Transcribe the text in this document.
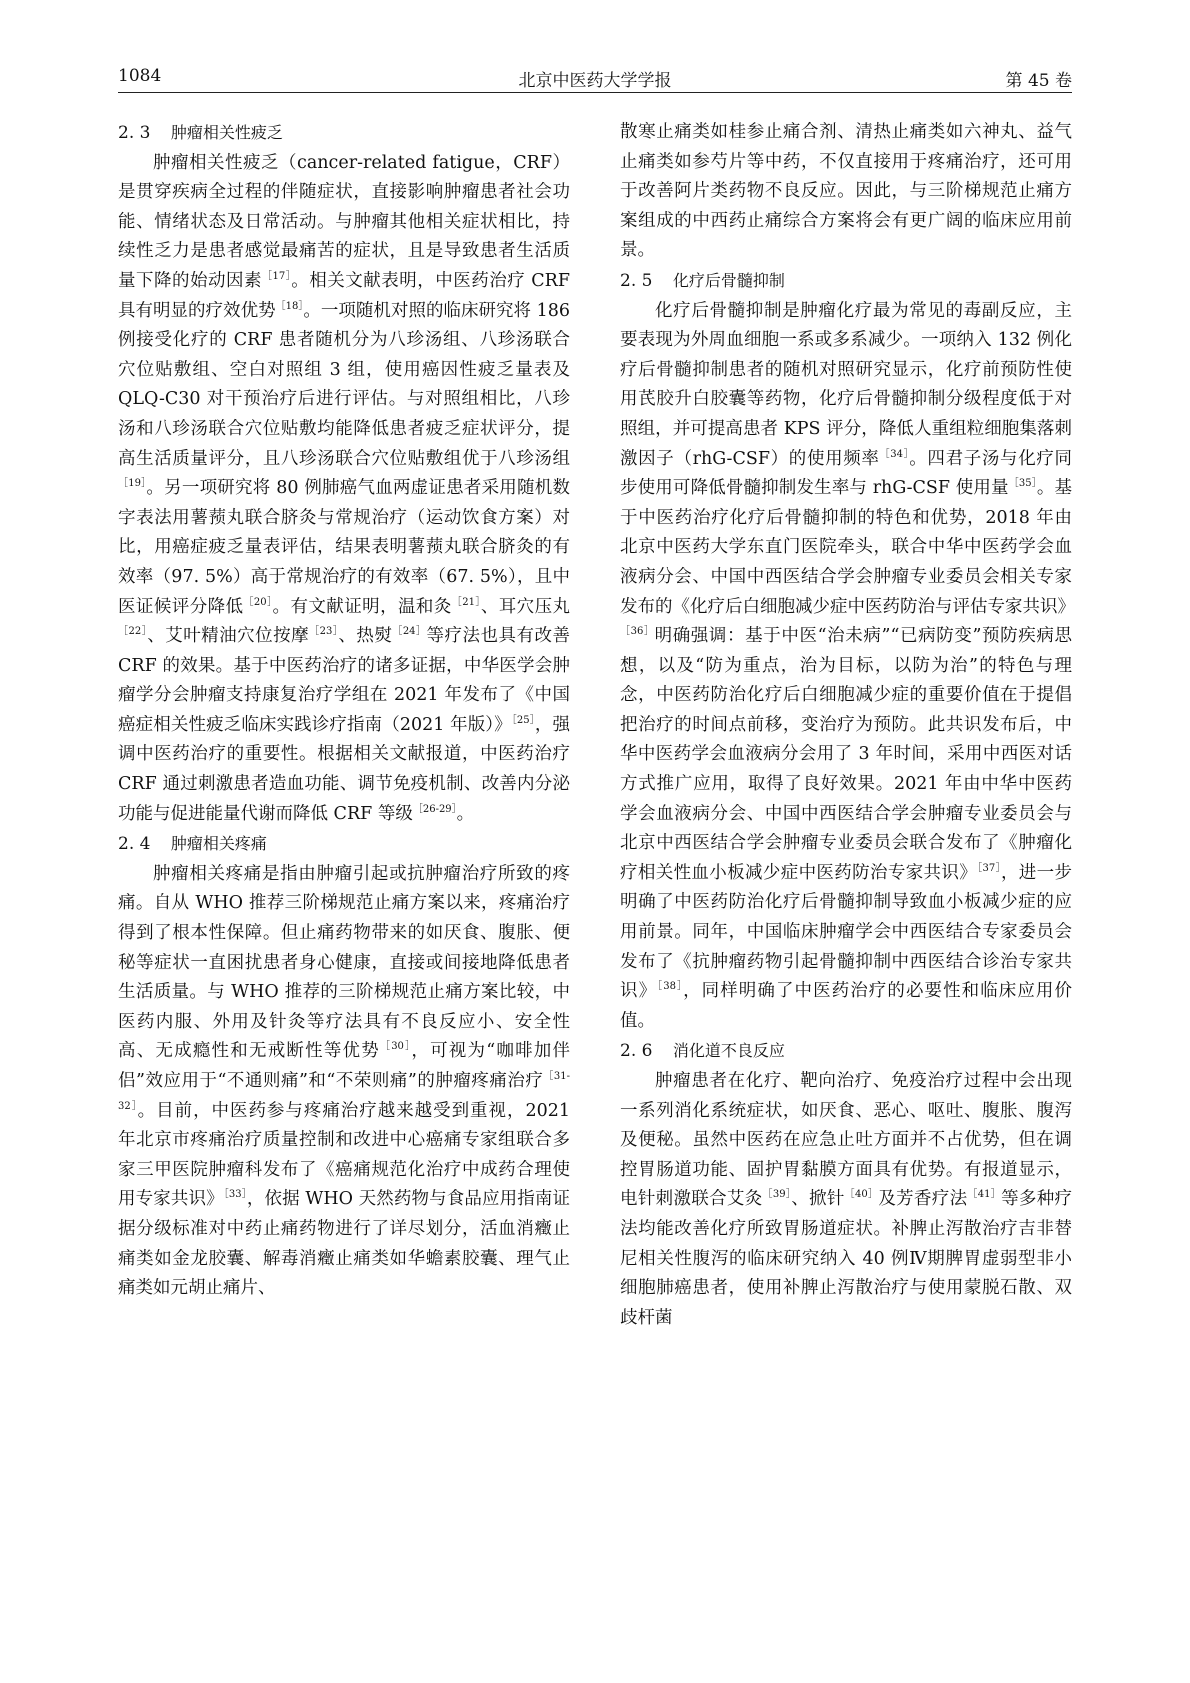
1084	北京中医药大学学报	第 45 卷
2. 3 肿瘤相关性疲乏

肿瘤相关性疲乏（cancer-related fatigue，CRF）是贯穿疾病全过程的伴随症状，直接影响肿瘤患者社会功能、情绪状态及日常活动。与肿瘤其他相关症状相比，持续性乏力是患者感觉最痛苦的症状，且是导致患者生活质量下降的始动因素$^{[17]}$。相关文献表明，中医药治疗 CRF 具有明显的疗效优势$^{[18]}$。一项随机对照的临床研究将 186 例接受化疗的 CRF 患者随机分为八珍汤组、八珍汤联合穴位贴敷组、空白对照组 3 组，使用癌因性疲乏量表及 QLQ-C30 对干预治疗后进行评估。与对照组相比，八珍汤和八珍汤联合穴位贴敷均能降低患者疲乏症状评分，提高生活质量评分，且八珍汤联合穴位贴敷组优于八珍汤组$^{[19]}$。另一项研究将 80 例肺癌气血两虚证患者采用随机数字表法用薯蓣丸联合脐灸与常规治疗（运动饮食方案）对比，用癌症疲乏量表评估，结果表明薯蓣丸联合脐灸的有效率（97. 5%）高于常规治疗的有效率（67. 5%），且中医证候评分降低$^{[20]}$。有文献证明，温和灸$^{[21]}$、耳穴压丸$^{[22]}$、艾叶精油穴位按摩$^{[23]}$、热熨$^{[24]}$等疗法也具有改善 CRF 的效果。基于中医药治疗的诸多证据，中华医学会肿瘤学分会肿瘤支持康复治疗学组在 2021 年发布了《中国癌症相关性疲乏临床实践诊疗指南（2021 年版）》$^{[25]}$，强调中医药治疗的重要性。根据相关文献报道，中医药治疗 CRF 通过刺激患者造血功能、调节免疫机制、改善内分泌功能与促进能量代谢而降低 CRF 等级$^{[26-29]}$。

2. 4 肿瘤相关疼痛

肿瘤相关疼痛是指由肿瘤引起或抗肿瘤治疗所致的疼痛。自从 WHO 推荐三阶梯规范止痛方案以来，疼痛治疗得到了根本性保障。但止痛药物带来的如厌食、腹胀、便秘等症状一直困扰患者身心健康，直接或间接地降低患者生活质量。与 WHO 推荐的三阶梯规范止痛方案比较，中医药内服、外用及针灸等疗法具有不良反应小、安全性高、无成瘾性和无戒断性等优势$^{[30]}$，可视为“咖啡加伴侣”效应用于“不通则痛”和“不荣则痛”的肿瘤疼痛治疗$^{[31-32]}$。目前，中医药参与疼痛治疗越来越受到重视，2021 年北京市疼痛治疗质量控制和改进中心癌痛专家组联合多家三甲医院肿瘤科发布了《癌痛规范化治疗中成药合理使用专家共识》$^{[33]}$，依据 WHO 天然药物与食品应用指南证据分级标准对中药止痛药物进行了详尽划分，活血消癥止痛类如金龙胶囊、解毒消癥止痛类如华蟾素胶囊、理气止痛类如元胡止痛片、

散寒止痛类如桂参止痛合剂、清热止痛类如六神丸、益气止痛类如参芍片等中药，不仅直接用于疼痛治疗，还可用于改善阿片类药物不良反应。因此，与三阶梯规范止痛方案组成的中西药止痛综合方案将会有更广阔的临床应用前景。

2. 5 化疗后骨髓抑制

化疗后骨髓抑制是肿瘤化疗最为常见的毒副反应，主要表现为外周血细胞一系或多系减少。一项纳入 132 例化疗后骨髓抑制患者的随机对照研究显示，化疗前预防性使用芪胶升白胶囊等药物，化疗后骨髓抑制分级程度低于对照组，并可提高患者 KPS 评分，降低人重组粒细胞集落刺激因子（rhG-CSF）的使用频率$^{[34]}$。四君子汤与化疗同步使用可降低骨髓抑制发生率与 rhG-CSF 使用量$^{[35]}$。基于中医药治疗化疗后骨髓抑制的特色和优势，2018 年由北京中医药大学东直门医院牵头，联合中华中医药学会血液病分会、中国中西医结合学会肿瘤专业委员会相关专家发布的《化疗后白细胞减少症中医药防治与评估专家共识》$^{[36]}$明确强调：基于中医“治未病”“已病防变”预防疾病思想，以及“防为重点，治为目标，以防为治”的特色与理念，中医药防治化疗后白细胞减少症的重要价值在于提倡把治疗的时间点前移，变治疗为预防。此共识发布后，中华中医药学会血液病分会用了 3 年时间，采用中西医对话方式推广应用，取得了良好效果。2021 年由中华中医药学会血液病分会、中国中西医结合学会肿瘤专业委员会与北京中西医结合学会肿瘤专业委员会联合发布了《肿瘤化疗相关性血小板减少症中医药防治专家共识》$^{[37]}$，进一步明确了中医药防治化疗后骨髓抑制导致血小板减少症的应用前景。同年，中国临床肿瘤学会中西医结合专家委员会发布了《抗肿瘤药物引起骨髓抑制中西医结合诊治专家共识》$^{[38]}$，同样明确了中医药治疗的必要性和临床应用价值。

2. 6 消化道不良反应

肿瘤患者在化疗、靶向治疗、免疫治疗过程中会出现一系列消化系统症状，如厌食、恶心、呕吐、腹胀、腹泻及便秘。虽然中医药在应急止吐方面并不占优势，但在调控胃肠道功能、固护胃黏膜方面具有优势。有报道显示，电针刺激联合艾灸$^{[39]}$、掀针$^{[40]}$及芳香疗法$^{[41]}$等多种疗法均能改善化疗所致胃肠道症状。补脾止泻散治疗吉非替尼相关性腹泻的临床研究纳入 40 例Ⅳ期脾胃虚弱型非小细胞肺癌患者，使用补脾止泻散治疗与使用蒙脱石散、双歧杆菌
